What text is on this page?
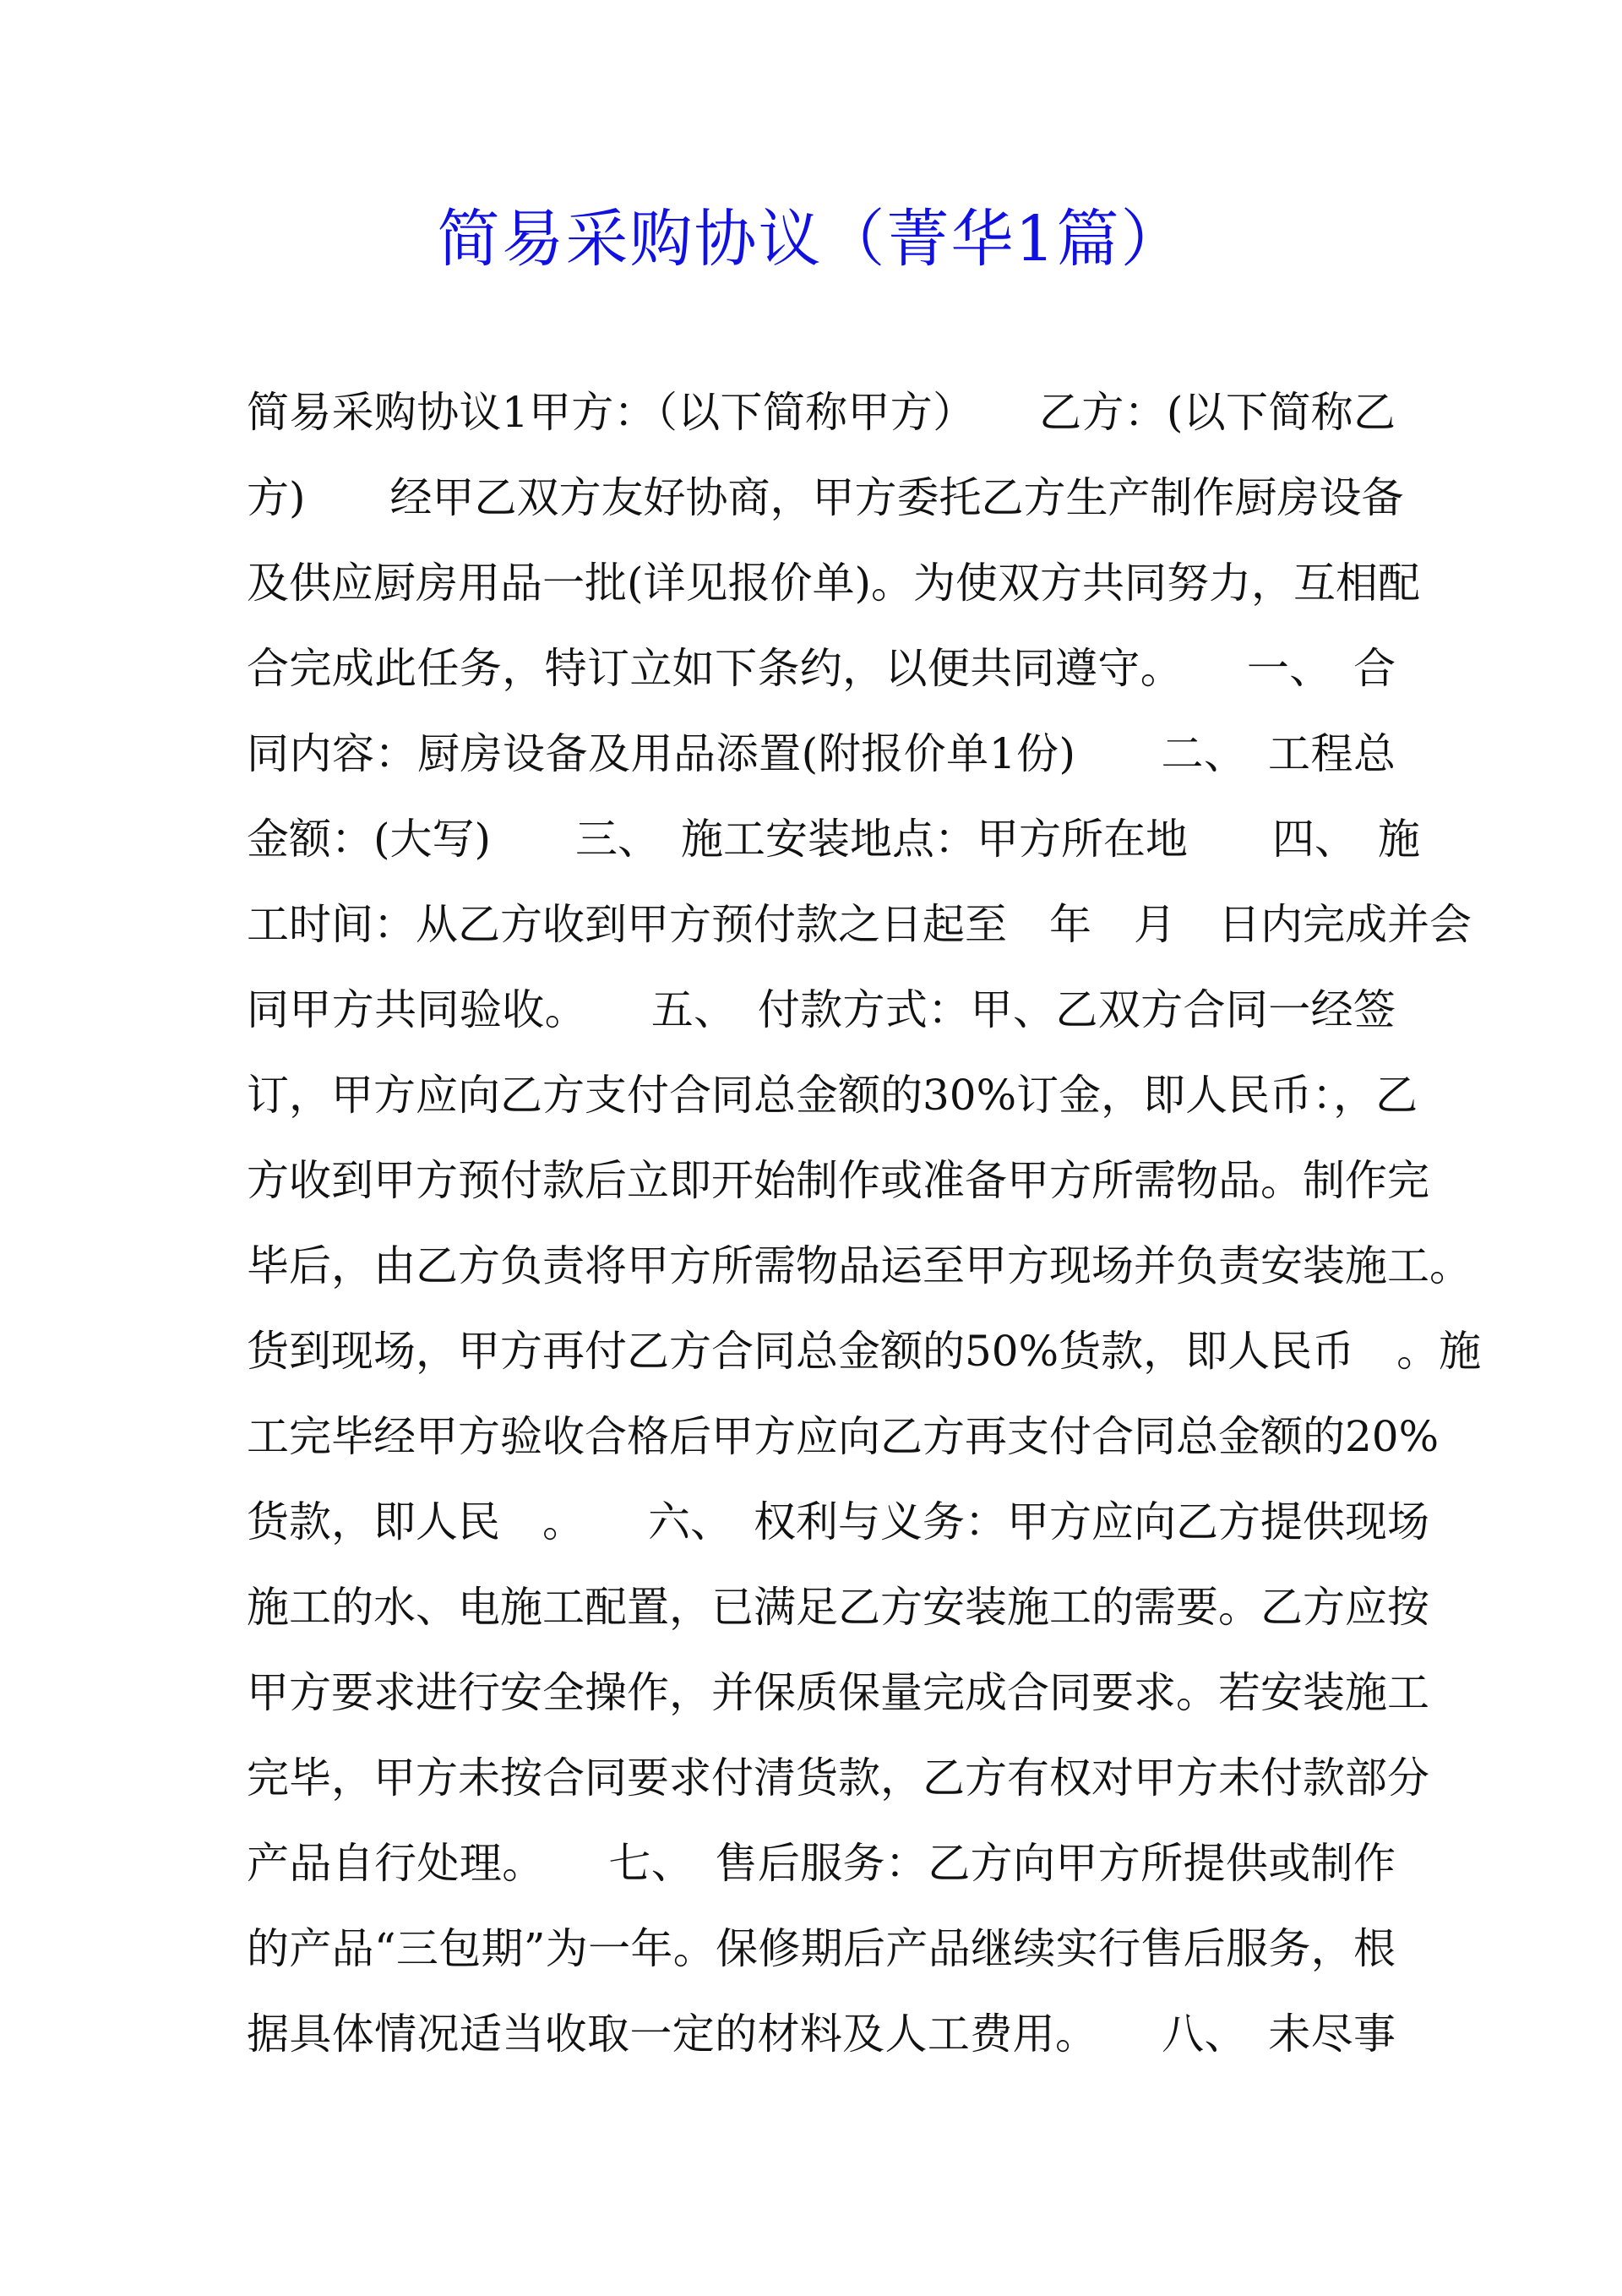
简易采购协议（菁华1篇）
简易采购协议1甲方：（以下简称甲方）　　乙方：(以下简称乙
方)　　经甲乙双方友好协商，甲方委托乙方生产制作厨房设备
及供应厨房用品一批(详见报价单)。为使双方共同努力，互相配
合完成此任务，特订立如下条约，以便共同遵守。　　一、　合
同内容：厨房设备及用品添置(附报价单1份)　　二、　工程总
金额：(大写)　　三、　施工安装地点：甲方所在地　　四、　施
工时间：从乙方收到甲方预付款之日起至　年　月　日内完成并会
同甲方共同验收。　　五、　付款方式：甲、乙双方合同一经签
订，甲方应向乙方支付合同总金额的30%订金，即人民币：，乙
方收到甲方预付款后立即开始制作或准备甲方所需物品。制作完
毕后，由乙方负责将甲方所需物品运至甲方现场并负责安装施工。
货到现场，甲方再付乙方合同总金额的50%货款，即人民币　。施
工完毕经甲方验收合格后甲方应向乙方再支付合同总金额的20%
货款，即人民　。　　六、　权利与义务：甲方应向乙方提供现场
施工的水、电施工配置，已满足乙方安装施工的需要。乙方应按
甲方要求进行安全操作，并保质保量完成合同要求。若安装施工
完毕，甲方未按合同要求付清货款，乙方有权对甲方未付款部分
产品自行处理。　　七、　售后服务：乙方向甲方所提供或制作
的产品“三包期”为一年。保修期后产品继续实行售后服务，根
据具体情况适当收取一定的材料及人工费用。　　八、　未尽事
